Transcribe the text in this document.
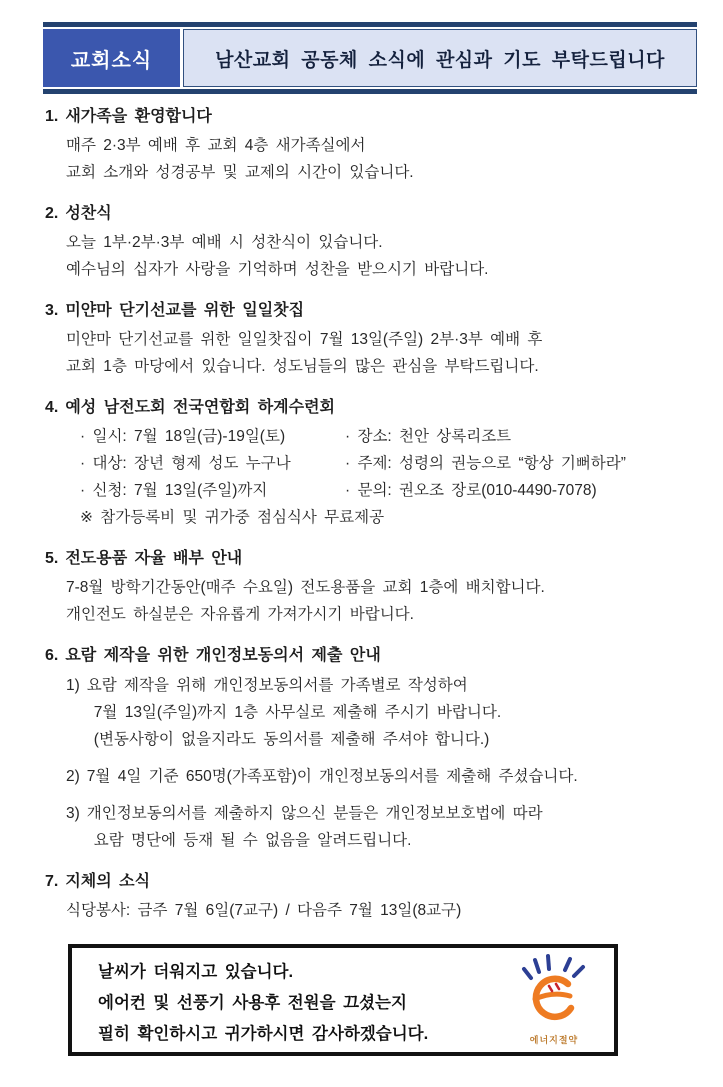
교회소식	남산교회 공동체 소식에 관심과 기도 부탁드립니다
1. 새가족을 환영합니다

매주 2·3부 예배 후 교회 4층 새가족실에서

교회 소개와 성경공부 및 교제의 시간이 있습니다.

2. 성찬식

오늘 1부·2부·3부 예배 시 성찬식이 있습니다.

예수님의 십자가 사랑을 기억하며 성찬을 받으시기 바랍니다.

3. 미얀마 단기선교를 위한 일일찻집

미얀마 단기선교를 위한 일일찻집이 7월 13일(주일) 2부·3부 예배 후

교회 1층 마당에서 있습니다. 성도님들의 많은 관심을 부탁드립니다.

4. 예성 남전도회 전국연합회 하계수련회

· 일시: 7월 18일(금)-19일(토)	· 장소: 천안 상록리조트

· 대상: 장년 형제 성도 누구나	· 주제: 성령의 권능으로 “항상 기뻐하라”

· 신청: 7월 13일(주일)까지	· 문의: 권오조 장로(010-4490-7078)

※ 참가등록비 및 귀가중 점심식사 무료제공

5. 전도용품 자율 배부 안내

7-8월 방학기간동안(매주 수요일) 전도용품을 교회 1층에 배치합니다.

개인전도 하실분은 자유롭게 가져가시기 바랍니다.

6. 요람 제작을 위한 개인정보동의서 제출 안내
1) 요람 제작을 위해 개인정보동의서를 가족별로 작성하여

7월 13일(주일)까지 1층 사무실로 제출해 주시기 바랍니다.

(변동사항이 없을지라도 동의서를 제출해 주셔야 합니다.)

2) 7월 4일 기준 650명(가족포함)이 개인정보동의서를 제출해 주셨습니다.

3) 개인정보동의서를 제출하지 않으신 분들은 개인정보보호법에 따라

요람 명단에 등재 될 수 없음을 알려드립니다.

7. 지체의 소식

식당봉사: 금주 7월 6일(7교구) / 다음주 7월 13일(8교구)

날씨가 더워지고 있습니다.

에어컨 및 선풍기 사용후 전원을 끄셨는지

필히 확인하시고 귀가하시면 감사하겠습니다.	에너지절약
